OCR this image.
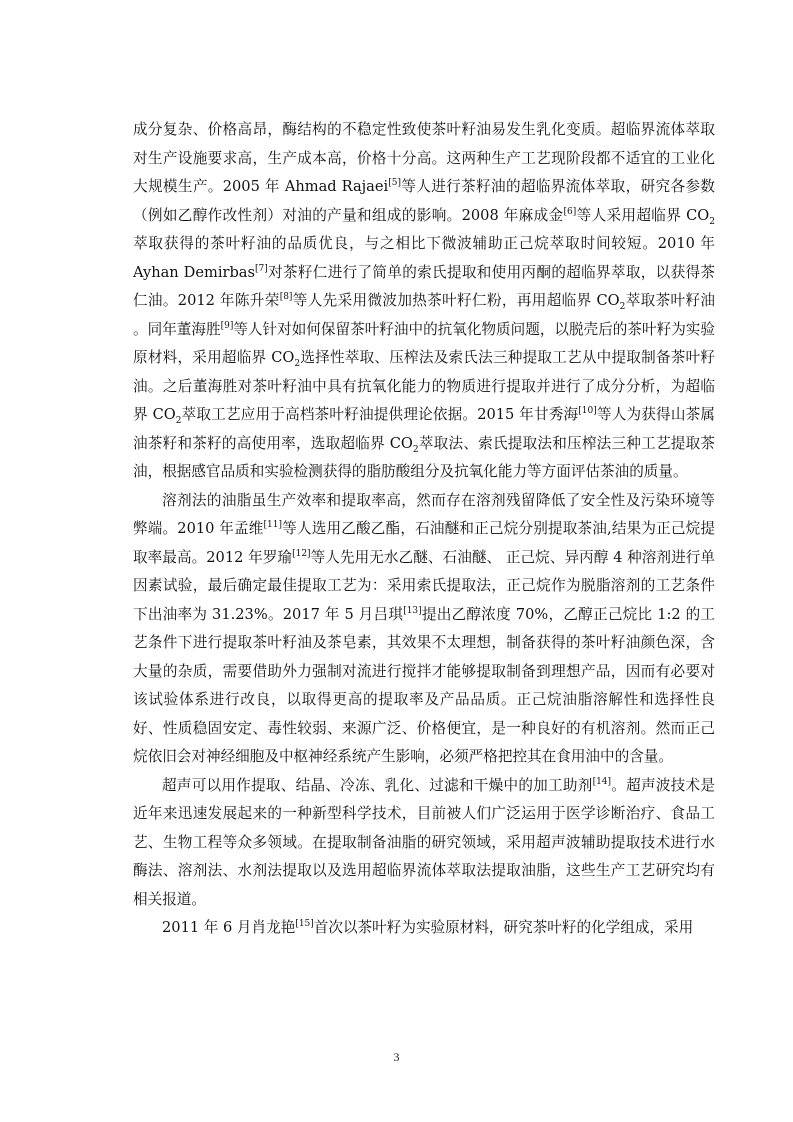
成分复杂、价格高昂，酶结构的不稳定性致使茶叶籽油易发生乳化变质。超临界流体萃取对生产设施要求高，生产成本高，价格十分高。这两种生产工艺现阶段都不适宜的工业化大规模生产。2005 年 Ahmad Rajaei[5]等人进行茶籽油的超临界流体萃取，研究各参数（例如乙醇作改性剂）对油的产量和组成的影响。2008 年麻成金[6]等人采用超临界 $CO_2$萃取获得的茶叶籽油的品质优良，与之相比下微波辅助正己烷萃取时间较短。2010 年 Ayhan Demirbas[7]对茶籽仁进行了简单的索氏提取和使用丙酮的超临界萃取，以获得茶仁油。2012 年陈升荣[8]等人先采用微波加热茶叶籽仁粉，再用超临界 $CO_2$萃取茶叶籽油 。同年董海胜[9]等人针对如何保留茶叶籽油中的抗氧化物质问题，以脱壳后的茶叶籽为实验原材料，采用超临界 $CO_2$选择性萃取、压榨法及索氏法三种提取工艺从中提取制备茶叶籽油。之后董海胜对茶叶籽油中具有抗氧化能力的物质进行提取并进行了成分分析，为超临界 $CO_2$萃取工艺应用于高档茶叶籽油提供理论依据。2015 年甘秀海[10]等人为获得山茶属油茶籽和茶籽的高使用率，选取超临界 $CO_2$萃取法、索氏提取法和压榨法三种工艺提取茶油，根据感官品质和实验检测获得的脂肪酸组分及抗氧化能力等方面评估茶油的质量。

溶剂法的油脂虽生产效率和提取率高，然而存在溶剂残留降低了安全性及污染环境等弊端。2010 年孟维[11]等人选用乙酸乙酯，石油醚和正己烷分别提取茶油,结果为正己烷提取率最高。2012 年罗瑜[12]等人先用无水乙醚、石油醚、 正己烷、异丙醇 4 种溶剂进行单因素试验，最后确定最佳提取工艺为：采用索氏提取法，正己烷作为脱脂溶剂的工艺条件下出油率为 31.23%。2017 年 5 月吕琪[13]提出乙醇浓度 70%，乙醇正己烷比 1:2 的工艺条件下进行提取茶叶籽油及茶皂素，其效果不太理想，制备获得的茶叶籽油颜色深，含大量的杂质，需要借助外力强制对流进行搅拌才能够提取制备到理想产品，因而有必要对该试验体系进行改良，以取得更高的提取率及产品品质。正己烷油脂溶解性和选择性良好、性质稳固安定、毒性较弱、来源广泛、价格便宜，是一种良好的有机溶剂。然而正己烷依旧会对神经细胞及中枢神经系统产生影响，必须严格把控其在食用油中的含量。

超声可以用作提取、结晶、冷冻、乳化、过滤和干燥中的加工助剂[14]。超声波技术是近年来迅速发展起来的一种新型科学技术，目前被人们广泛运用于医学诊断治疗、食品工艺、生物工程等众多领域。在提取制备油脂的研究领域，采用超声波辅助提取技术进行水酶法、溶剂法、水剂法提取以及选用超临界流体萃取法提取油脂，这些生产工艺研究均有相关报道。

2011 年 6 月肖龙艳[15]首次以茶叶籽为实验原材料，研究茶叶籽的化学组成，采用

3
